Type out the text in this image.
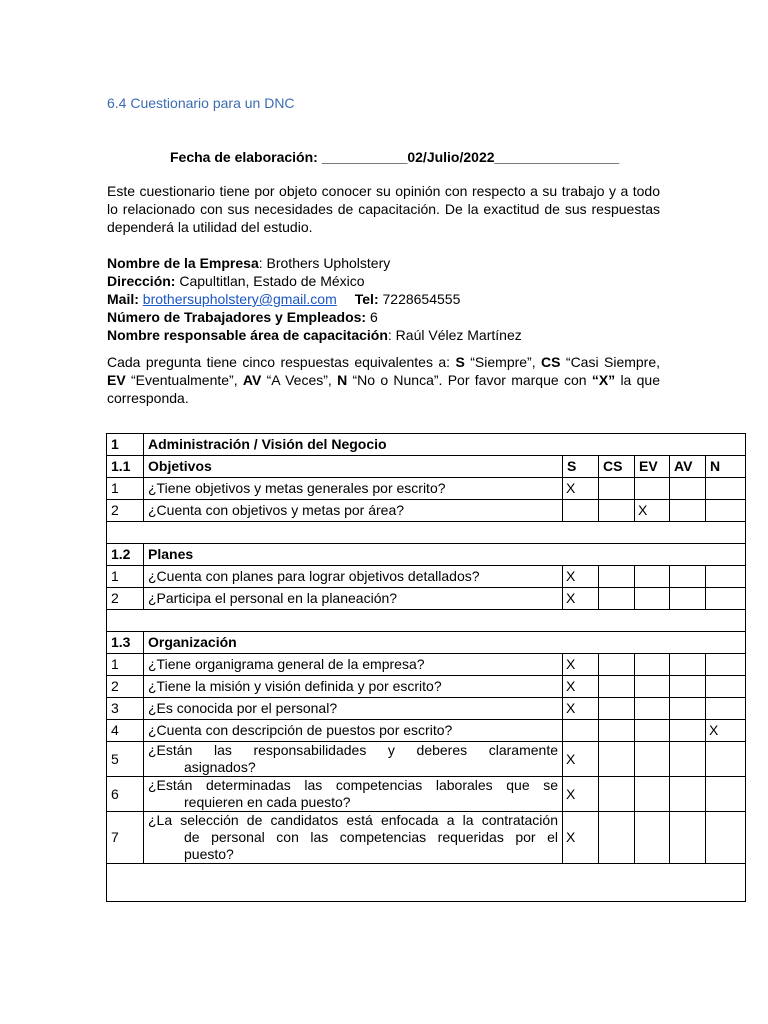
6.4 Cuestionario para un DNC
Fecha de elaboración: ___________02/Julio/2022________________
Este cuestionario tiene por objeto conocer su opinión con respecto a su trabajo y a todo lo relacionado con sus necesidades de capacitación. De la exactitud de sus respuestas dependerá la utilidad del estudio.
Nombre de la Empresa: Brothers Upholstery
Dirección: Capultitlan, Estado de México
Mail: brothersupholstery@gmail.com Tel: 7228654555
Número de Trabajadores y Empleados: 6
Nombre responsable área de capacitación: Raúl Vélez Martínez
Cada pregunta tiene cinco respuestas equivalentes a: S “Siempre”, CS “Casi Siempre, EV “Eventualmente”, AV “A Veces”, N “No o Nunca”. Por favor marque con “X” la que corresponda.
1	Administración / Visión del Negocio					
1.1	Objetivos	S	CS	EV	AV	N
1	¿Tiene objetivos y metas generales por escrito?	X				
2	¿Cuenta con objetivos y metas por área?			X		

1.2	Planes					
1	¿Cuenta con planes para lograr objetivos detallados?	X				
2	¿Participa el personal en la planeación?	X				

1.3	Organización					
1	¿Tiene organigrama general de la empresa?	X				
2	¿Tiene la misión y visión definida y por escrito?	X				
3	¿Es conocida por el personal?	X				
4	¿Cuenta con descripción de puestos por escrito?					X
5	¿Están las responsabilidades y deberes claramente
asignados?	X				
6	¿Están determinadas las competencias laborales que se
requieren en cada puesto?	X				
7	¿La selección de candidatos está enfocada a la contratación
de personal con las competencias requeridas por el
puesto?	X				
